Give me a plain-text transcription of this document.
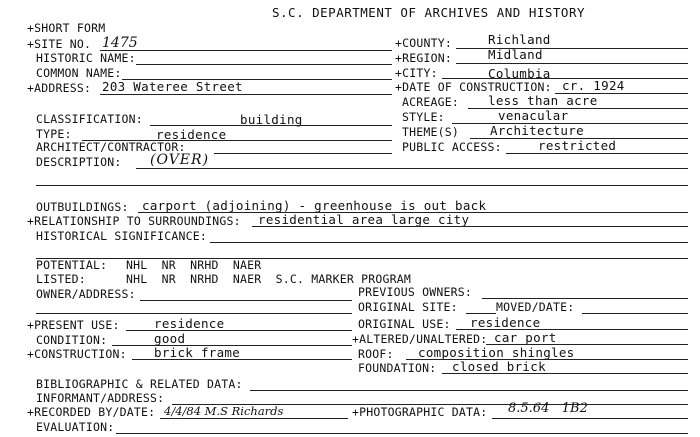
S.C. DEPARTMENT OF ARCHIVES AND HISTORY
+SHORT FORM
+SITE NO. 1475
HISTORIC NAME:
COMMON NAME:
+ADDRESS: 203 Wateree Street
+COUNTY:	Richland
+REGION:	Midland
+CITY:	Columbia
+DATE OF CONSTRUCTION: cr. 1924
ACREAGE: less than acre
STYLE:	venacular
THEME(S) Architecture
PUBLIC ACCESS:	restricted
CLASSIFICATION:	building
TYPE:	residence
ARCHITECT/CONTRACTOR:
DESCRIPTION: (OVER)
OUTBUILDINGS: carport (adjoining) - greenhouse is out back
+RELATIONSHIP TO SURROUNDINGS: residential area large city
HISTORICAL SIGNIFICANCE:
POTENTIAL: NHL  NR  NRHD  NAER
LISTED:	NHL  NR  NRHD  NAER  S.C. MARKER PROGRAM
OWNER/ADDRESS:	PREVIOUS OWNERS:
ORIGINAL SITE:	MOVED/DATE:
+PRESENT USE:	residence	ORIGINAL USE: residence
CONDITION:	good	+ALTERED/UNALTERED: car port
+CONSTRUCTION: brick frame	ROOF: composition shingles
FOUNDATION: closed brick
BIBLIOGRAPHIC & RELATED DATA:
INFORMANT/ADDRESS:
+RECORDED BY/DATE: 4/4/84 M.S Richards	+PHOTOGRAPHIC DATA: 8.5.64   1B2
EVALUATION:
